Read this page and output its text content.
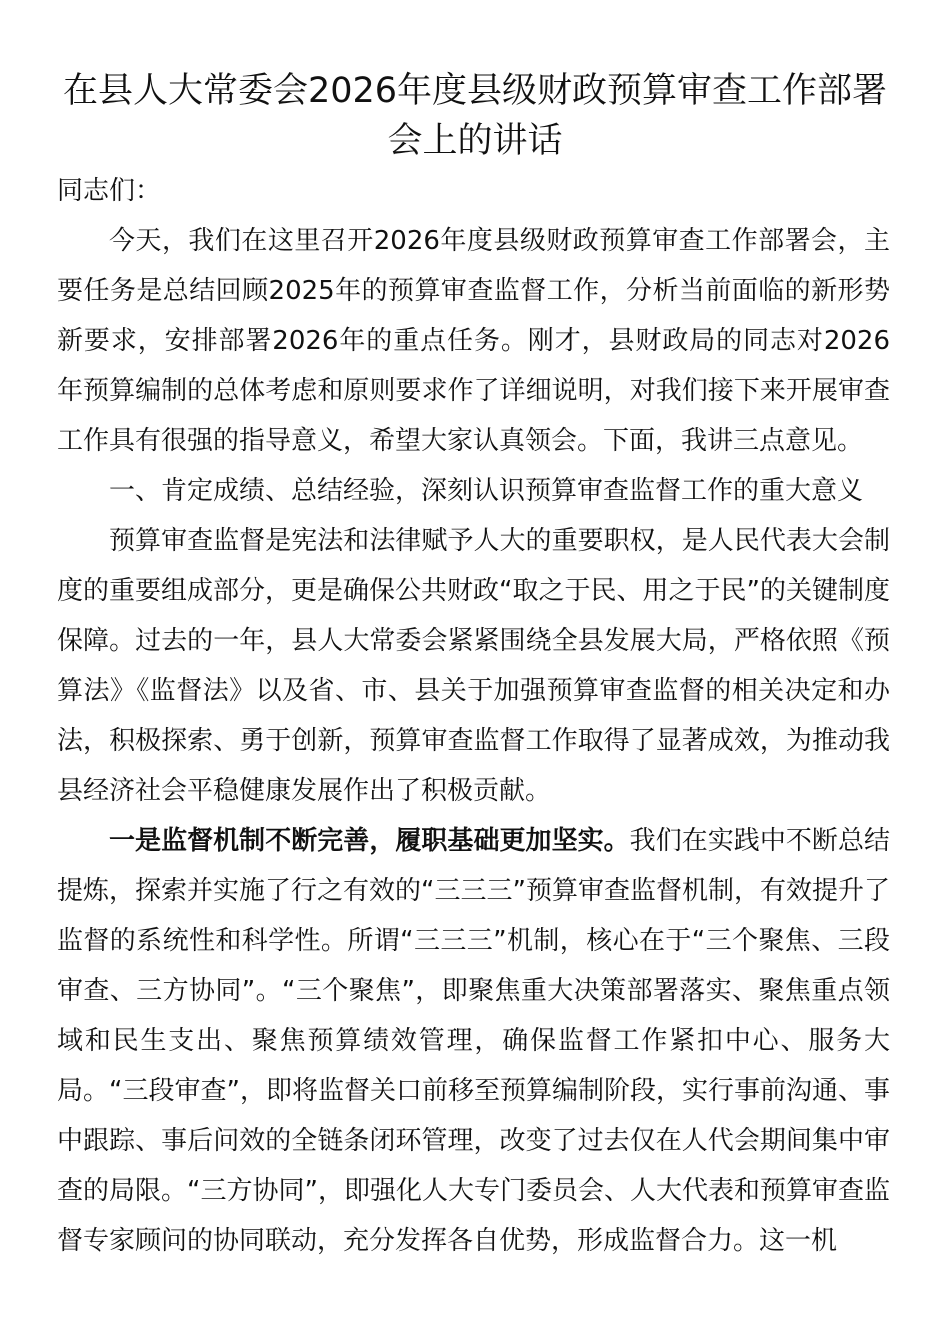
在县人大常委会2026年度县级财政预算审查工作部署会上的讲话

同志们：

今天，我们在这里召开2026年度县级财政预算审查工作部署会，主要任务是总结回顾2025年的预算审查监督工作，分析当前面临的新形势新要求，安排部署2026年的重点任务。刚才，县财政局的同志对2026年预算编制的总体考虑和原则要求作了详细说明，对我们接下来开展审查工作具有很强的指导意义，希望大家认真领会。下面，我讲三点意见。

一、肯定成绩、总结经验，深刻认识预算审查监督工作的重大意义

预算审查监督是宪法和法律赋予人大的重要职权，是人民代表大会制度的重要组成部分，更是确保公共财政“取之于民、用之于民”的关键制度保障。过去的一年，县人大常委会紧紧围绕全县发展大局，严格依照《预算法》《监督法》以及省、市、县关于加强预算审查监督的相关决定和办法，积极探索、勇于创新，预算审查监督工作取得了显著成效，为推动我县经济社会平稳健康发展作出了积极贡献。

一是监督机制不断完善，履职基础更加坚实。我们在实践中不断总结提炼，探索并实施了行之有效的“三三三”预算审查监督机制，有效提升了监督的系统性和科学性。所谓“三三三”机制，核心在于“三个聚焦、三段审查、三方协同”。“三个聚焦”，即聚焦重大决策部署落实、聚焦重点领域和民生支出、聚焦预算绩效管理，确保监督工作紧扣中心、服务大局。“三段审查”，即将监督关口前移至预算编制阶段，实行事前沟通、事中跟踪、事后问效的全链条闭环管理，改变了过去仅在人代会期间集中审查的局限。“三方协同”，即强化人大专门委员会、人大代表和预算审查监督专家顾问的协同联动，充分发挥各自优势，形成监督合力。这一机
